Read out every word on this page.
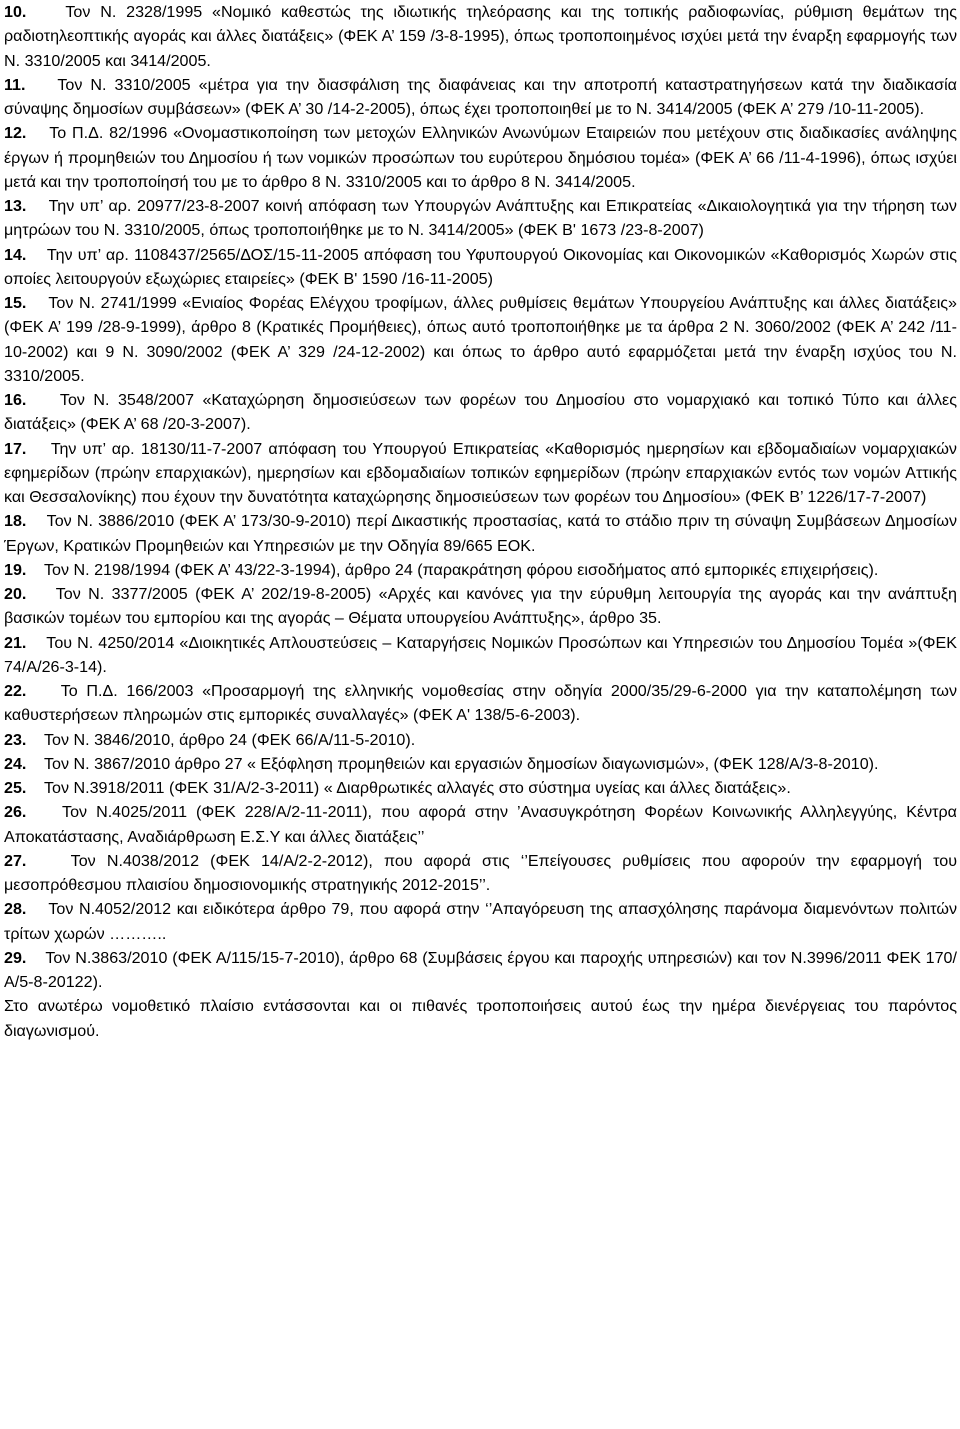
10. Τον Ν. 2328/1995 «Νομικό καθεστώς της ιδιωτικής τηλεόρασης και της τοπικής ραδιοφωνίας, ρύθμιση θεμάτων της ραδιοτηλεοπτικής αγοράς και άλλες διατάξεις» (ΦΕΚ Α’ 159 /3-8-1995), όπως τροποποιημένος ισχύει μετά την έναρξη εφαρμογής των Ν. 3310/2005 και 3414/2005.

11. Τον Ν. 3310/2005 «μέτρα για την διασφάλιση της διαφάνειας και την αποτροπή καταστρατηγήσεων κατά την διαδικασία σύναψης δημοσίων συμβάσεων» (ΦΕΚ Α’ 30 /14-2-2005), όπως έχει τροποποιηθεί με το Ν. 3414/2005 (ΦΕΚ Α’ 279 /10-11-2005).

12. Το Π.Δ. 82/1996 «Ονομαστικοποίηση των μετοχών Ελληνικών Ανωνύμων Εταιρειών που μετέχουν στις διαδικασίες ανάληψης έργων ή προμηθειών του Δημοσίου ή των νομικών προσώπων του ευρύτερου δημόσιου τομέα» (ΦΕΚ Α’ 66 /11-4-1996), όπως ισχύει μετά και την τροποποίησή του με το άρθρο 8 Ν. 3310/2005 και το άρθρο 8 Ν. 3414/2005.

13. Την υπ’ αρ. 20977/23-8-2007 κοινή απόφαση των Υπουργών Ανάπτυξης και Επικρατείας «Δικαιολογητικά για την τήρηση των μητρώων του Ν. 3310/2005, όπως τροποποιήθηκε με το Ν. 3414/2005» (ΦΕΚ Β' 1673 /23-8-2007)

14. Την υπ’ αρ. 1108437/2565/ΔΟΣ/15-11-2005 απόφαση του Υφυπουργού Οικονομίας και Οικονομικών «Καθορισμός Χωρών στις οποίες λειτουργούν εξωχώριες εταιρείες» (ΦΕΚ Β' 1590 /16-11-2005)

15. Τον Ν. 2741/1999 «Ενιαίος Φορέας Ελέγχου τροφίμων, άλλες ρυθμίσεις θεμάτων Υπουργείου Ανάπτυξης και άλλες διατάξεις» (ΦΕΚ Α’ 199 /28-9-1999), άρθρο 8 (Κρατικές Προμήθειες), όπως αυτό τροποποιήθηκε με τα άρθρα 2 Ν. 3060/2002 (ΦΕΚ Α’ 242 /11-10-2002) και 9 Ν. 3090/2002 (ΦΕΚ Α’ 329 /24-12-2002) και όπως το άρθρο αυτό εφαρμόζεται μετά την έναρξη ισχύος του Ν. 3310/2005.

16. Τον Ν. 3548/2007 «Καταχώρηση δημοσιεύσεων των φορέων του Δημοσίου στο νομαρχιακό και τοπικό Τύπο και άλλες διατάξεις» (ΦΕΚ Α’ 68 /20-3-2007).

17. Την υπ’ αρ. 18130/11-7-2007 απόφαση του Υπουργού Επικρατείας «Καθορισμός ημερησίων και εβδομαδιαίων νομαρχιακών εφημερίδων (πρώην επαρχιακών), ημερησίων και εβδομαδιαίων τοπικών εφημερίδων (πρώην επαρχιακών εντός των νομών Αττικής και Θεσσαλονίκης) που έχουν την δυνατότητα καταχώρησης δημοσιεύσεων των φορέων του Δημοσίου» (ΦΕΚ Β’ 1226/17-7-2007)

18. Τον Ν. 3886/2010 (ΦΕΚ Α’ 173/30-9-2010) περί Δικαστικής προστασίας, κατά το στάδιο πριν τη σύναψη Συμβάσεων Δημοσίων Έργων, Κρατικών Προμηθειών και Υπηρεσιών με την Οδηγία 89/665 ΕΟΚ.

19. Τον Ν. 2198/1994 (ΦΕΚ Α’ 43/22-3-1994), άρθρο 24 (παρακράτηση φόρου εισοδήματος από εμπορικές επιχειρήσεις).

20. Τον Ν. 3377/2005 (ΦΕΚ Α’ 202/19-8-2005) «Αρχές και κανόνες για την εύρυθμη λειτουργία της αγοράς και την ανάπτυξη βασικών τομέων του εμπορίου και της αγοράς – Θέματα υπουργείου Ανάπτυξης», άρθρο 35.

21. Του Ν. 4250/2014 «Διοικητικές Απλουστεύσεις – Καταργήσεις Νομικών Προσώπων και Υπηρεσιών του Δημοσίου Τομέα »(ΦΕΚ 74/Α/26-3-14).

22. Το Π.Δ. 166/2003 «Προσαρμογή της ελληνικής νομοθεσίας στην οδηγία 2000/35/29-6-2000 για την καταπολέμηση των καθυστερήσεων πληρωμών στις εμπορικές συναλλαγές» (ΦΕΚ Α' 138/5-6-2003).

23. Τον Ν. 3846/2010, άρθρο 24 (ΦΕΚ 66/Α/11-5-2010).

24. Τον Ν. 3867/2010 άρθρο 27 « Εξόφληση προμηθειών και εργασιών δημοσίων διαγωνισμών», (ΦΕΚ 128/Α/3-8-2010).

25. Τον Ν.3918/2011 (ΦΕΚ 31/Α/2-3-2011) « Διαρθρωτικές αλλαγές στο σύστημα υγείας και άλλες διατάξεις».

26. Τον Ν.4025/2011 (ΦΕΚ 228/Α/2-11-2011), που αφορά στην ’Ανασυγκρότηση Φορέων Κοινωνικής Αλληλεγγύης, Κέντρα Αποκατάστασης, Αναδιάρθρωση Ε.Σ.Υ και άλλες διατάξεις’’

27.	Τον Ν.4038/2012 (ΦΕΚ 14/Α/2-2-2012), που αφορά στις ‘’Επείγουσες ρυθμίσεις που αφορούν την εφαρμογή του μεσοπρόθεσμου πλαισίου δημοσιονομικής στρατηγικής 2012-2015’’.

28. Τον Ν.4052/2012 και ειδικότερα άρθρο 79, που αφορά στην ‘’Απαγόρευση της απασχόλησης παράνομα διαμενόντων πολιτών τρίτων χωρών ………..

29. Τον Ν.3863/2010 (ΦΕΚ Α/115/15-7-2010), άρθρο 68 (Συμβάσεις έργου και παροχής υπηρεσιών) και τον Ν.3996/2011 ΦΕΚ 170/Α/5-8-20122).

Στο ανωτέρω νομοθετικό πλαίσιο εντάσσονται και οι πιθανές τροποποιήσεις αυτού έως την ημέρα διενέργειας του παρόντος διαγωνισμού.
